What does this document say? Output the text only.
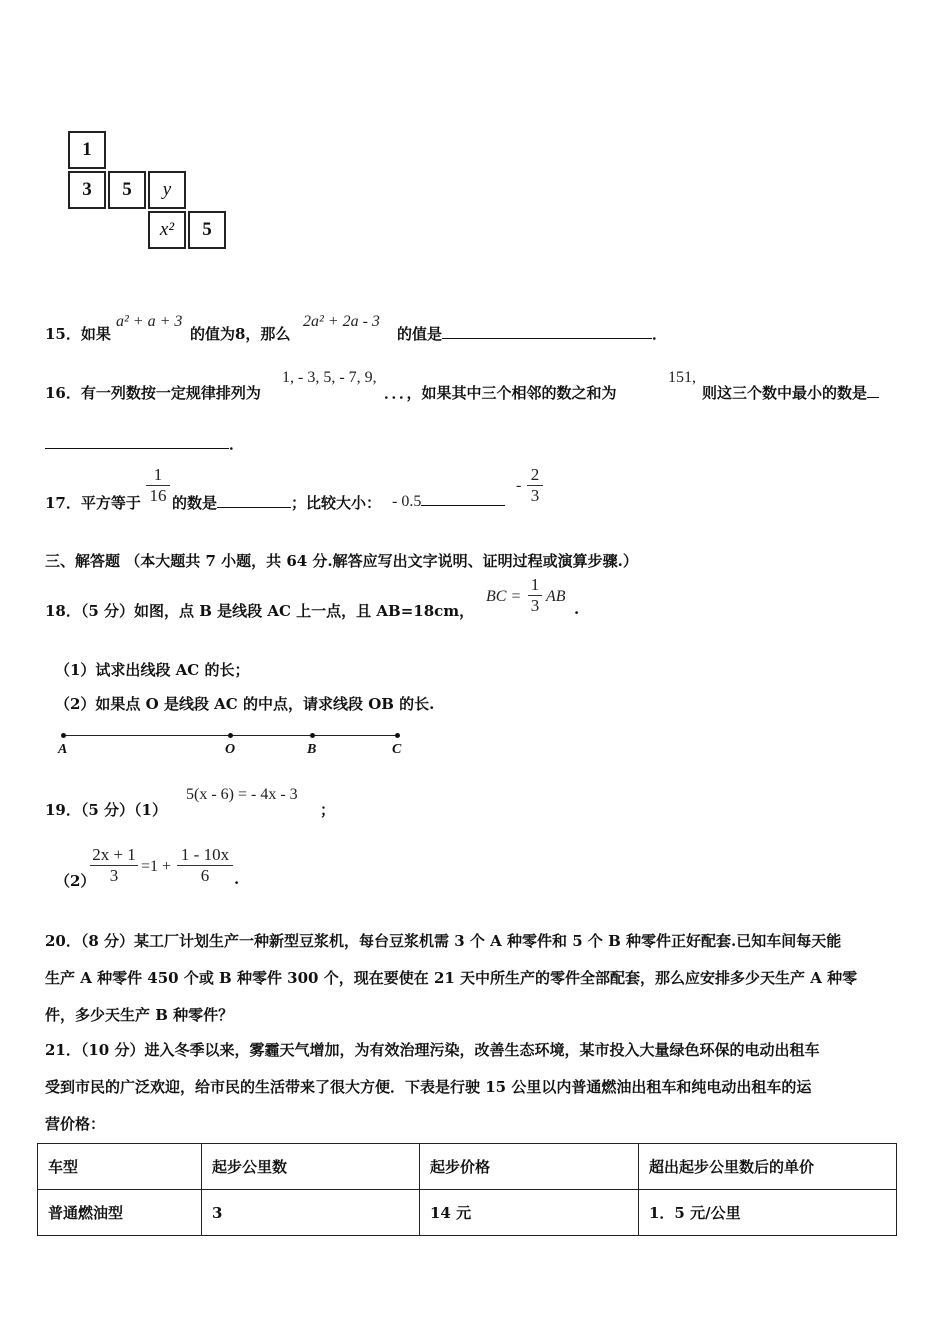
1
3	5	y
x²	5
15．如果
a² + a + 3
的值为8，那么
2a² + 2a - 3
的值是	．
16．有一列数按一定规律排列为
1, - 3, 5, - 7, 9,
．．．，如果其中三个相邻的数之和为
151,
则这三个数中最小的数是
．
17．平方等于 $\frac{1}{16}$ 的数是	；比较大小： - 0.5
- $\frac{2}{3}$
三、解答题 （本大题共 7 小题，共 64 分.解答应写出文字说明、证明过程或演算步骤.）
18．（5 分）如图，点 B 是线段 AC 上一点，且 AB=18cm，
BC = $\frac{1}{3}$ AB
.
（1）试求出线段 AC 的长；
（2）如果点 O 是线段 AC 的中点，请求线段 OB 的长.
A	O	B	C
19．（5 分）（1）
5(x - 6) = - 4x - 3
；
（2）
$\frac{2x + 1}{3} =1 + \frac{1 - 10x}{6}$ .
20．（8 分）某工厂计划生产一种新型豆浆机，每台豆浆机需 3 个 A 种零件和 5 个 B 种零件正好配套.已知车间每天能
生产 A 种零件 450 个或 B 种零件 300 个，现在要使在 21 天中所生产的零件全部配套，那么应安排多少天生产 A 种零
件，多少天生产 B 种零件？
21．（10 分）进入冬季以来，雾霾天气增加，为有效治理污染，改善生态环境，某市投入大量绿色环保的电动出租车
受到市民的广泛欢迎，给市民的生活带来了很大方便．下表是行驶 15 公里以内普通燃油出租车和纯电动出租车的运
营价格：
车型	起步公里数	起步价格	超出起步公里数后的单价
普通燃油型	3	14 元	1．5 元/公里
